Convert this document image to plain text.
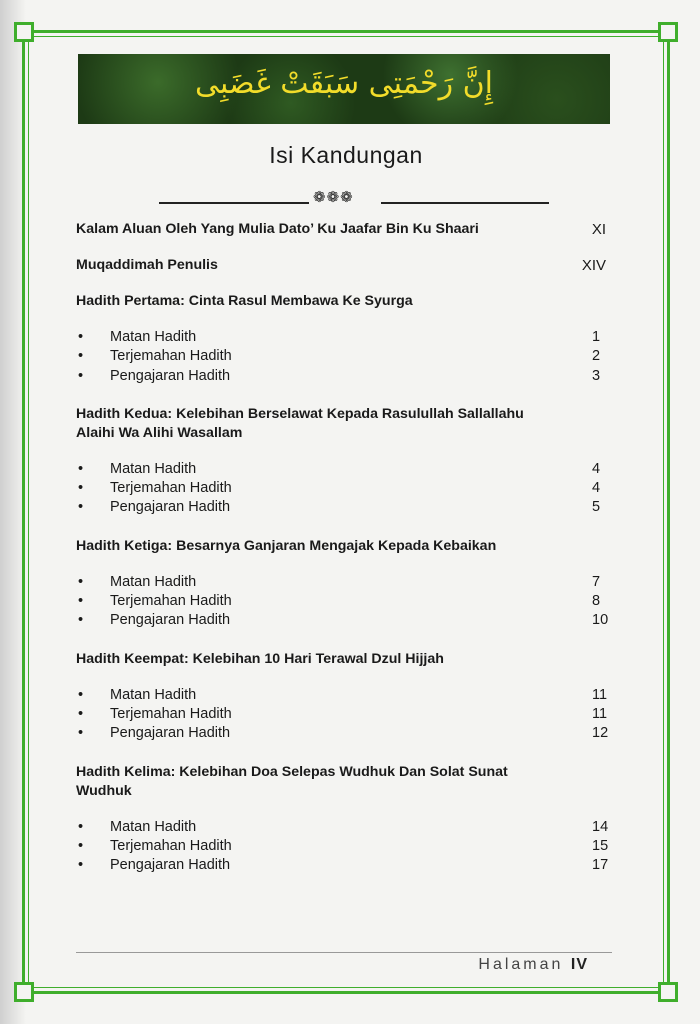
إِنَّ رَحْمَتِى سَبَقَتْ غَضَبِى
Isi Kandungan
❁❁❁
Kalam Aluan Oleh Yang Mulia Dato’ Ku Jaafar Bin Ku Shaari	XI
Muqaddimah Penulis	XIV
Hadith Pertama: Cinta Rasul Membawa Ke Syurga
• Matan Hadith	1
• Terjemahan Hadith	2
• Pengajaran Hadith	3
Hadith Kedua: Kelebihan Berselawat Kepada Rasulullah Sallallahu Alaihi Wa Alihi Wasallam
• Matan Hadith	4
• Terjemahan Hadith	4
• Pengajaran Hadith	5
Hadith Ketiga: Besarnya Ganjaran Mengajak Kepada Kebaikan
• Matan Hadith	7
• Terjemahan Hadith	8
• Pengajaran Hadith	10
Hadith Keempat: Kelebihan 10 Hari Terawal Dzul Hijjah
• Matan Hadith	11
• Terjemahan Hadith	11
• Pengajaran Hadith	12
Hadith Kelima: Kelebihan Doa Selepas Wudhuk Dan Solat Sunat Wudhuk
• Matan Hadith	14
• Terjemahan Hadith	15
• Pengajaran Hadith	17
Halaman IV
